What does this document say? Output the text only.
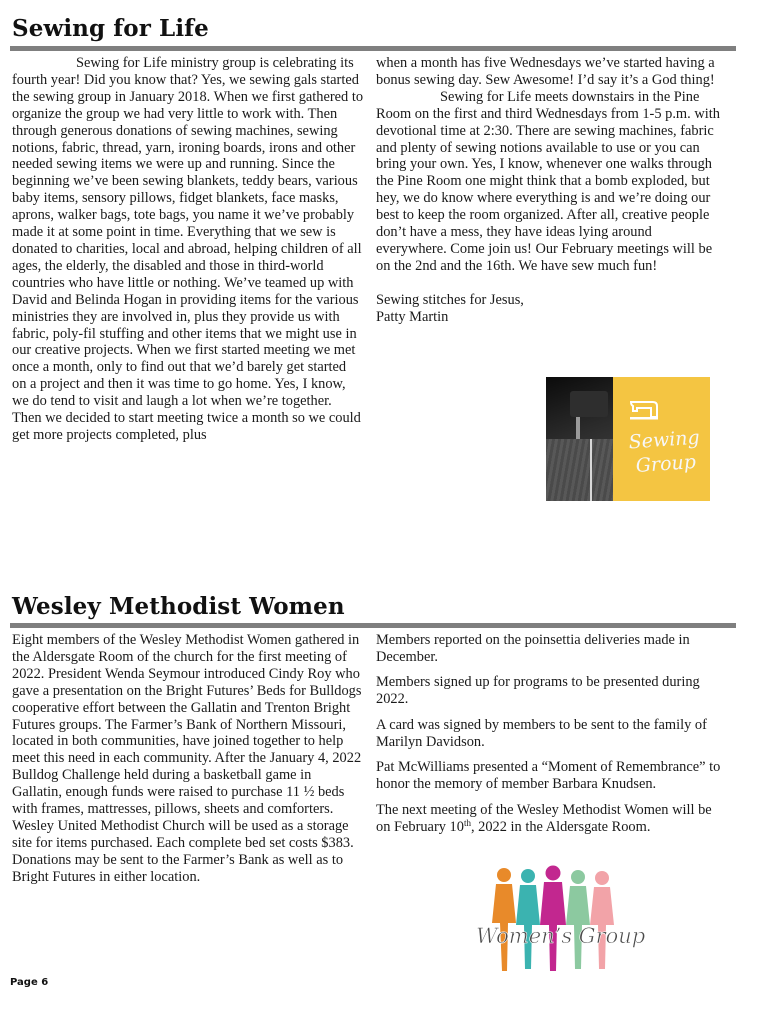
Sewing for Life

Sewing for Life ministry group is celebrating its fourth year! Did you know that? Yes, we sewing gals started the sewing group in January 2018. When we first gathered to organize the group we had very little to work with. Then through generous donations of sewing machines, sewing notions, fabric, thread, yarn, ironing boards, irons and other needed sewing items we were up and running. Since the beginning we’ve been sewing blankets, teddy bears, various baby items, sensory pillows, fidget blankets, face masks, aprons, walker bags, tote bags, you name it we’ve probably made it at some point in time. Everything that we sew is donated to charities, local and abroad, helping children of all ages, the elderly, the disabled and those in third-world countries who have little or nothing. We’ve teamed up with David and Belinda Hogan in providing items for the various ministries they are involved in, plus they provide us with fabric, poly-fil stuffing and other items that we might use in our creative projects. When we first started meeting we met once a month, only to find out that we’d barely get started on a project and then it was time to go home. Yes, I know, we do tend to visit and laugh a lot when we’re together. Then we decided to start meeting twice a month so we could get more projects completed, plus

when a month has five Wednesdays we’ve started having a bonus sewing day. Sew Awesome! I’d say it’s a God thing!

Sewing for Life meets downstairs in the Pine Room on the first and third Wednesdays from 1-5 p.m. with devotional time at 2:30. There are sewing machines, fabric and plenty of sewing notions available to use or you can bring your own. Yes, I know, whenever one walks through the Pine Room one might think that a bomb exploded, but hey, we do know where everything is and we’re doing our best to keep the room organized. After all, creative people don’t have a mess, they have ideas lying around everywhere. Come join us! Our February meetings will be on the 2nd and the 16th. We have sew much fun!

Sewing stitches for Jesus,

Patty Martin

Sewing
Group
Wesley Methodist Women

Eight members of the Wesley Methodist Women gathered in the Aldersgate Room of the church for the first meeting of 2022. President Wenda Seymour introduced Cindy Roy who gave a presentation on the Bright Futures’ Beds for Bulldogs cooperative effort between the Gallatin and Trenton Bright Futures groups. The Farmer’s Bank of Northern Missouri, located in both communities, have joined together to help meet this need in each community. After the January 4, 2022 Bulldog Challenge held during a basketball game in Gallatin, enough funds were raised to purchase 11 ½ beds with frames, mattresses, pillows, sheets and comforters. Wesley United Methodist Church will be used as a storage site for items purchased. Each complete bed set costs $383. Donations may be sent to the Farmer’s Bank as well as to Bright Futures in either location.

Members reported on the poinsettia deliveries made in December.

Members signed up for programs to be presented during 2022.

A card was signed by members to be sent to the family of Marilyn Davidson.

Pat McWilliams presented a “Moment of Remembrance” to honor the memory of member Barbara Knudsen.

The next meeting of the Wesley Methodist Women will be on February 10th, 2022 in the Aldersgate Room.

Women’s Group
Page 6
